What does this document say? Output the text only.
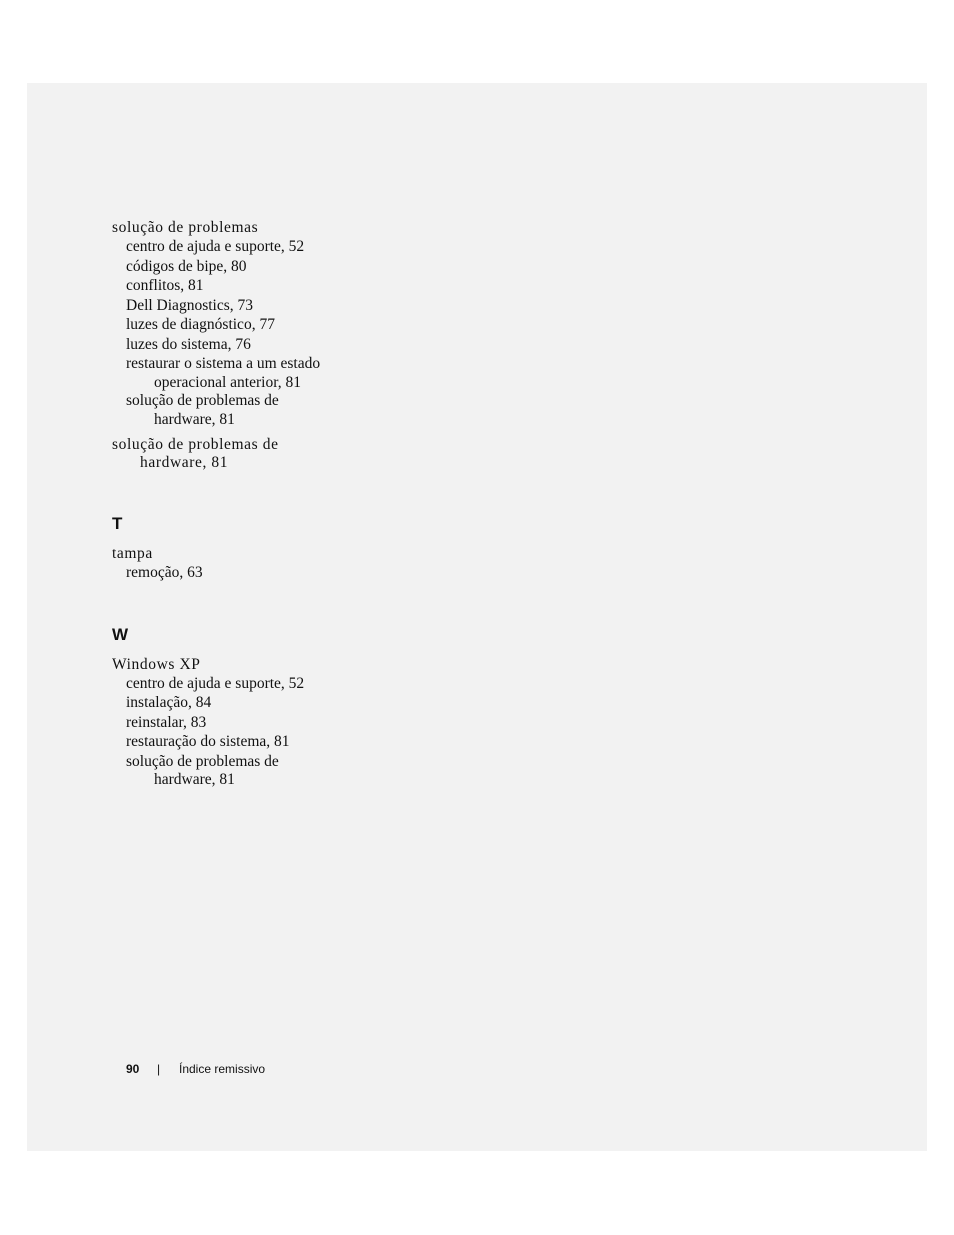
solução de problemas
centro de ajuda e suporte, 52
códigos de bipe, 80
conflitos, 81
Dell Diagnostics, 73
luzes de diagnóstico, 77
luzes do sistema, 76
restaurar o sistema a um estado
operacional anterior, 81
solução de problemas de
hardware, 81
solução de problemas de
hardware, 81
T
tampa
remoção, 63
W
Windows XP
centro de ajuda e suporte, 52
instalação, 84
reinstalar, 83
restauração do sistema, 81
solução de problemas de
hardware, 81
90 | Índice remissivo
